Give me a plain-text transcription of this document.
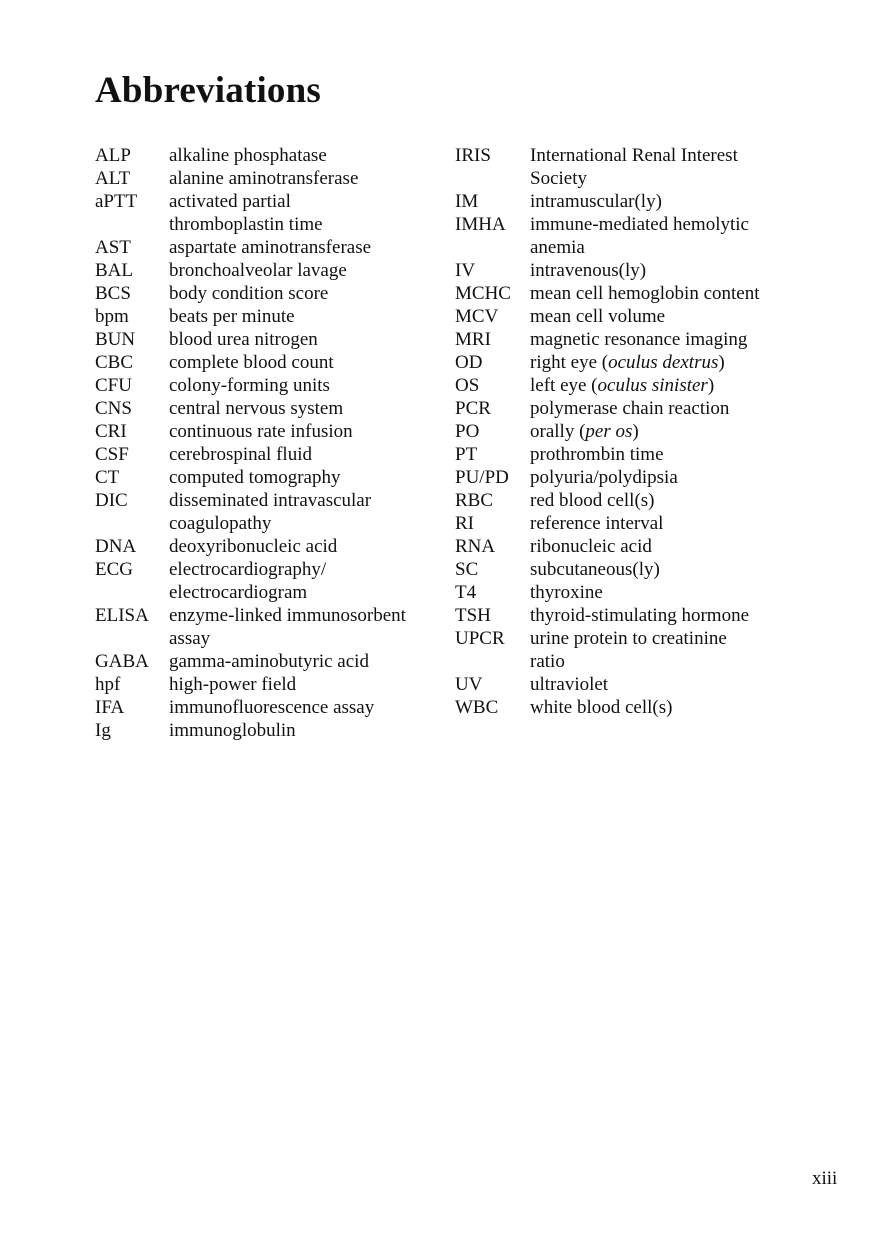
Abbreviations
ALP	alkaline phosphatase
ALT	alanine aminotransferase
aPTT	activated partial
thromboplastin time
AST	aspartate aminotransferase
BAL	bronchoalveolar lavage
BCS	body condition score
bpm	beats per minute
BUN	blood urea nitrogen
CBC	complete blood count
CFU	colony-forming units
CNS	central nervous system
CRI	continuous rate infusion
CSF	cerebrospinal fluid
CT	computed tomography
DIC	disseminated intravascular
coagulopathy
DNA	deoxyribonucleic acid
ECG	electrocardiography/
electrocardiogram
ELISA	enzyme-linked immunosorbent
assay
GABA	gamma-aminobutyric acid
hpf	high-power field
IFA	immunofluorescence assay
Ig	immunoglobulin
IRIS	International Renal Interest
Society
IM	intramuscular(ly)
IMHA	immune-mediated hemolytic
anemia
IV	intravenous(ly)
MCHC	mean cell hemoglobin content
MCV	mean cell volume
MRI	magnetic resonance imaging
OD	right eye (oculus dextrus)
OS	left eye (oculus sinister)
PCR	polymerase chain reaction
PO	orally (per os)
PT	prothrombin time
PU/PD	polyuria/polydipsia
RBC	red blood cell(s)
RI	reference interval
RNA	ribonucleic acid
SC	subcutaneous(ly)
T4	thyroxine
TSH	thyroid-stimulating hormone
UPCR	urine protein to creatinine
ratio
UV	ultraviolet
WBC	white blood cell(s)
xiii
